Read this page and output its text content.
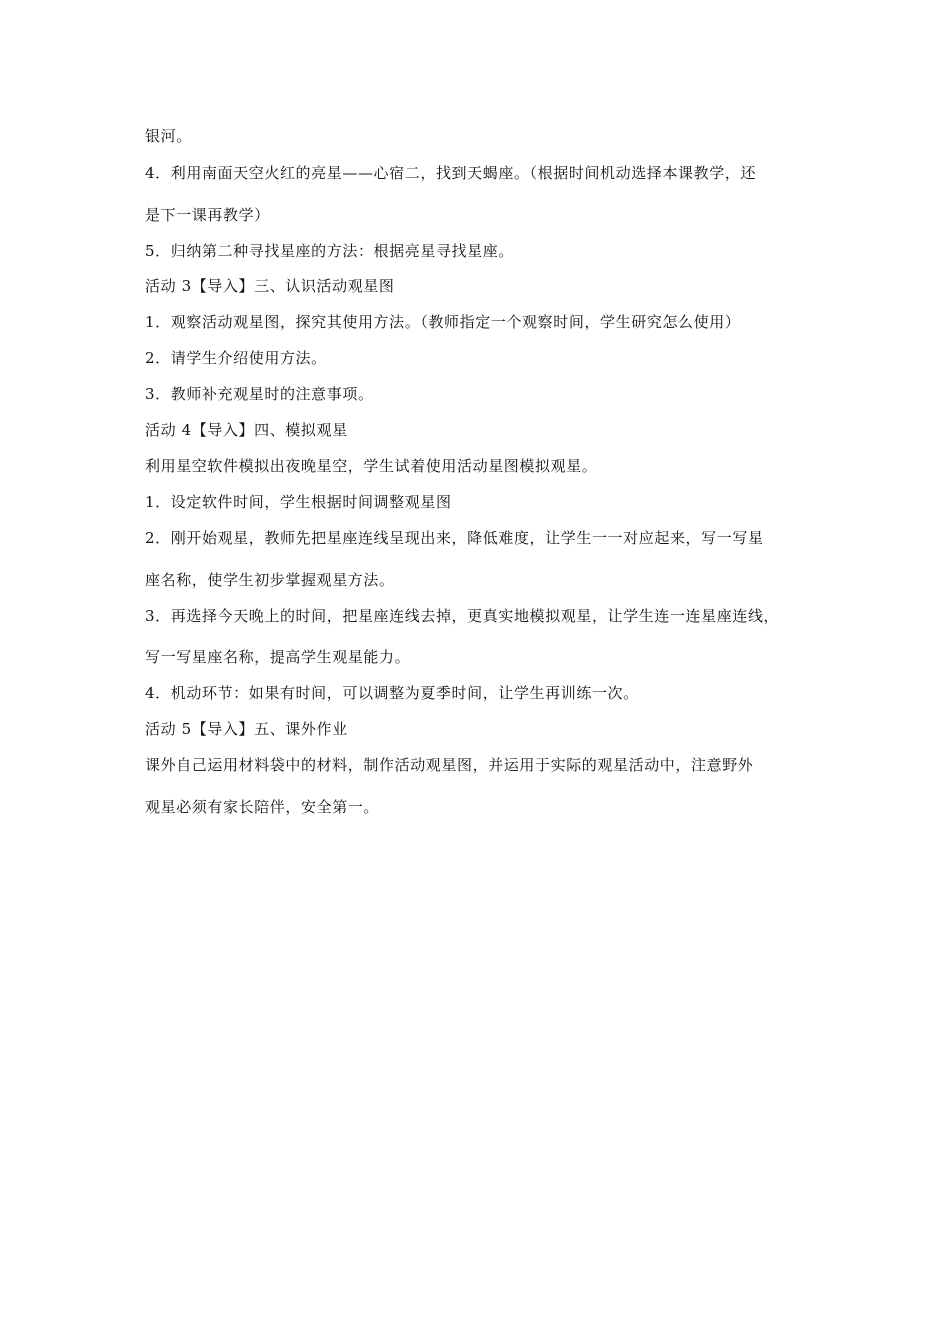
银河。
4．利用南面天空火红的亮星——心宿二，找到天蝎座。（根据时间机动选择本课教学，还
是下一课再教学）
5．归纳第二种寻找星座的方法：根据亮星寻找星座。
活动 3【导入】三、认识活动观星图
1．观察活动观星图，探究其使用方法。（教师指定一个观察时间，学生研究怎么使用）
2．请学生介绍使用方法。
3．教师补充观星时的注意事项。
活动 4【导入】四、模拟观星
利用星空软件模拟出夜晚星空，学生试着使用活动星图模拟观星。
1．设定软件时间，学生根据时间调整观星图
2．刚开始观星，教师先把星座连线呈现出来，降低难度，让学生一一对应起来，写一写星
座名称，使学生初步掌握观星方法。
3．再选择今天晚上的时间，把星座连线去掉，更真实地模拟观星，让学生连一连星座连线，
写一写星座名称，提高学生观星能力。
4．机动环节：如果有时间，可以调整为夏季时间，让学生再训练一次。
活动 5【导入】五、课外作业
课外自己运用材料袋中的材料，制作活动观星图，并运用于实际的观星活动中，注意野外
观星必须有家长陪伴，安全第一。
